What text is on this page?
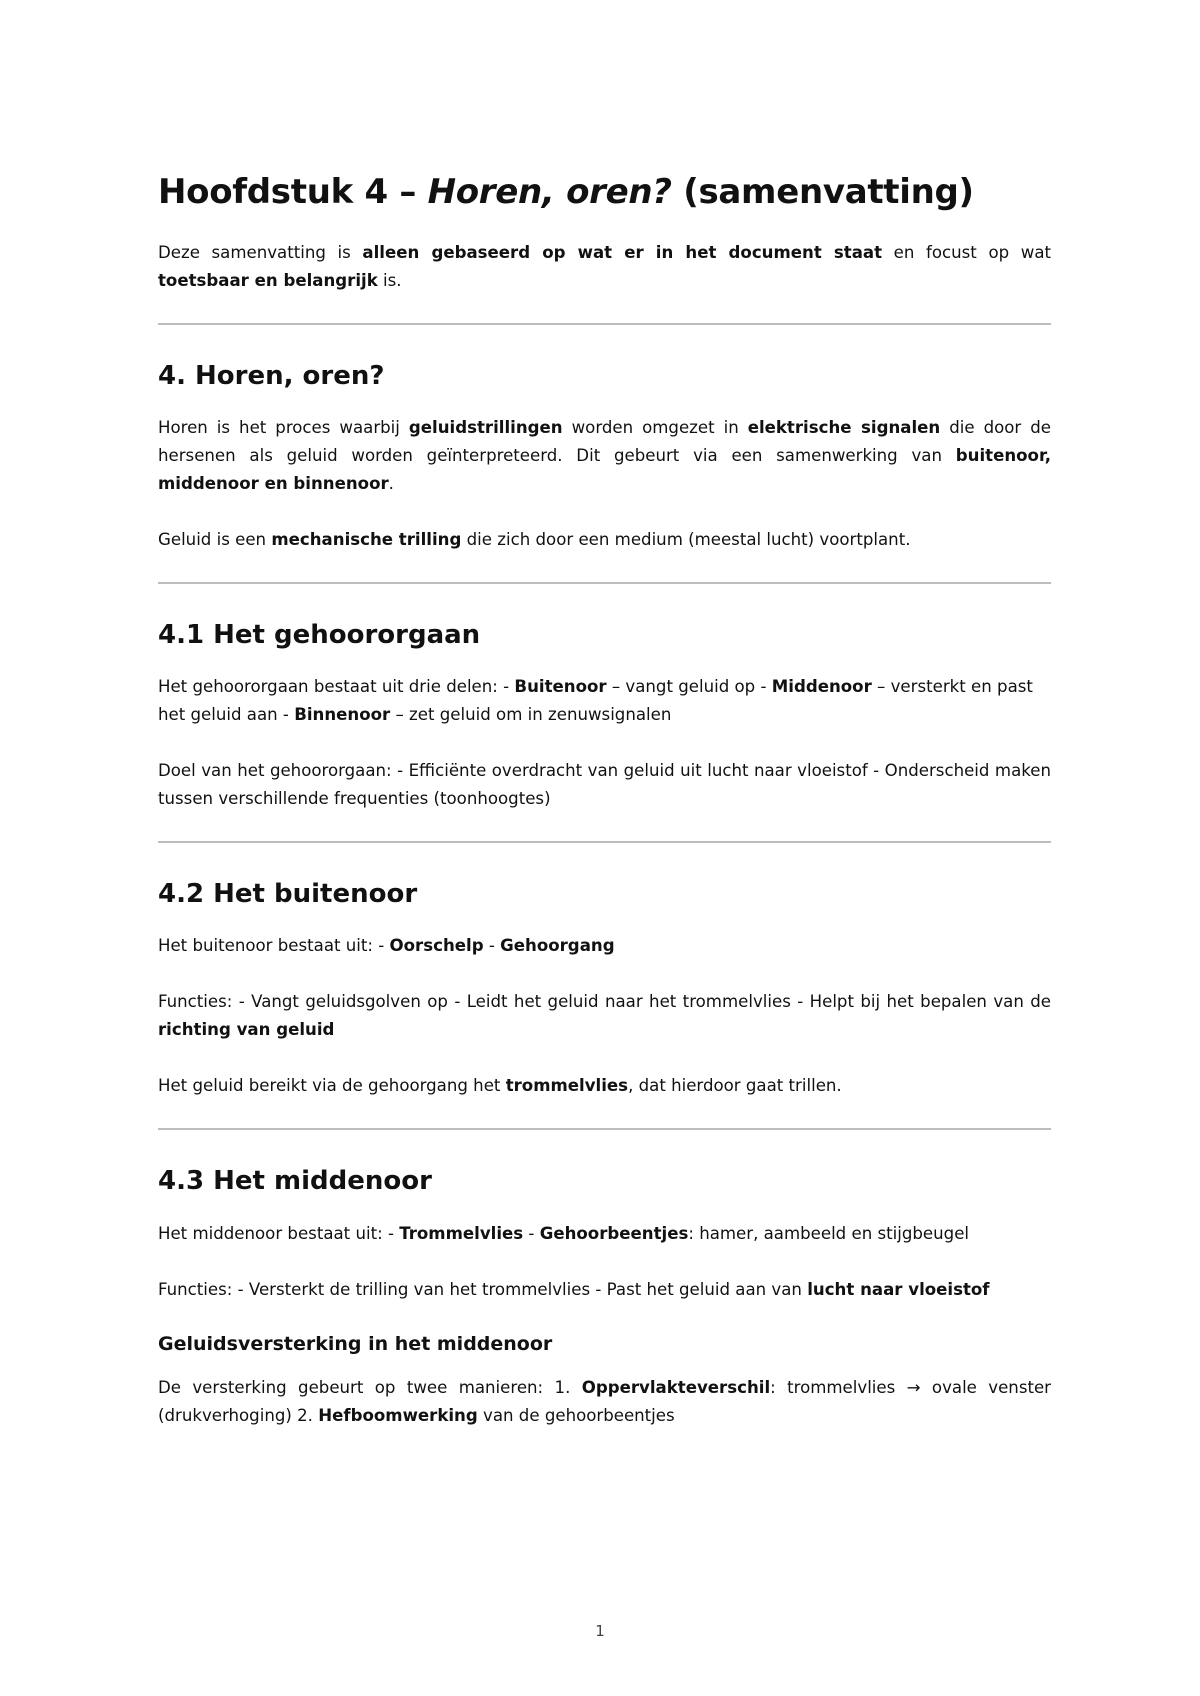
Hoofdstuk 4 – Horen, oren? (samenvatting)

Deze samenvatting is alleen gebaseerd op wat er in het document staat en focust op wat toetsbaar en belangrijk is.

4. Horen, oren?

Horen is het proces waarbij geluidstrillingen worden omgezet in elektrische signalen die door de hersenen als geluid worden geïnterpreteerd. Dit gebeurt via een samenwerking van buitenoor, middenoor en binnenoor.

Geluid is een mechanische trilling die zich door een medium (meestal lucht) voortplant.

4.1 Het gehoororgaan

Het gehoororgaan bestaat uit drie delen: - Buitenoor – vangt geluid op - Middenoor – versterkt en past het geluid aan - Binnenoor – zet geluid om in zenuwsignalen

Doel van het gehoororgaan: - Efficiënte overdracht van geluid uit lucht naar vloeistof - Onderscheid maken tussen verschillende frequenties (toonhoogtes)

4.2 Het buitenoor

Het buitenoor bestaat uit: - Oorschelp - Gehoorgang

Functies: - Vangt geluidsgolven op - Leidt het geluid naar het trommelvlies - Helpt bij het bepalen van de richting van geluid

Het geluid bereikt via de gehoorgang het trommelvlies, dat hierdoor gaat trillen.

4.3 Het middenoor

Het middenoor bestaat uit: - Trommelvlies - Gehoorbeentjes: hamer, aambeeld en stijgbeugel

Functies: - Versterkt de trilling van het trommelvlies - Past het geluid aan van lucht naar vloeistof

Geluidsversterking in het middenoor

De versterking gebeurt op twee manieren: 1. Oppervlakteverschil: trommelvlies → ovale venster (drukverhoging) 2. Hefboomwerking van de gehoorbeentjes

1
